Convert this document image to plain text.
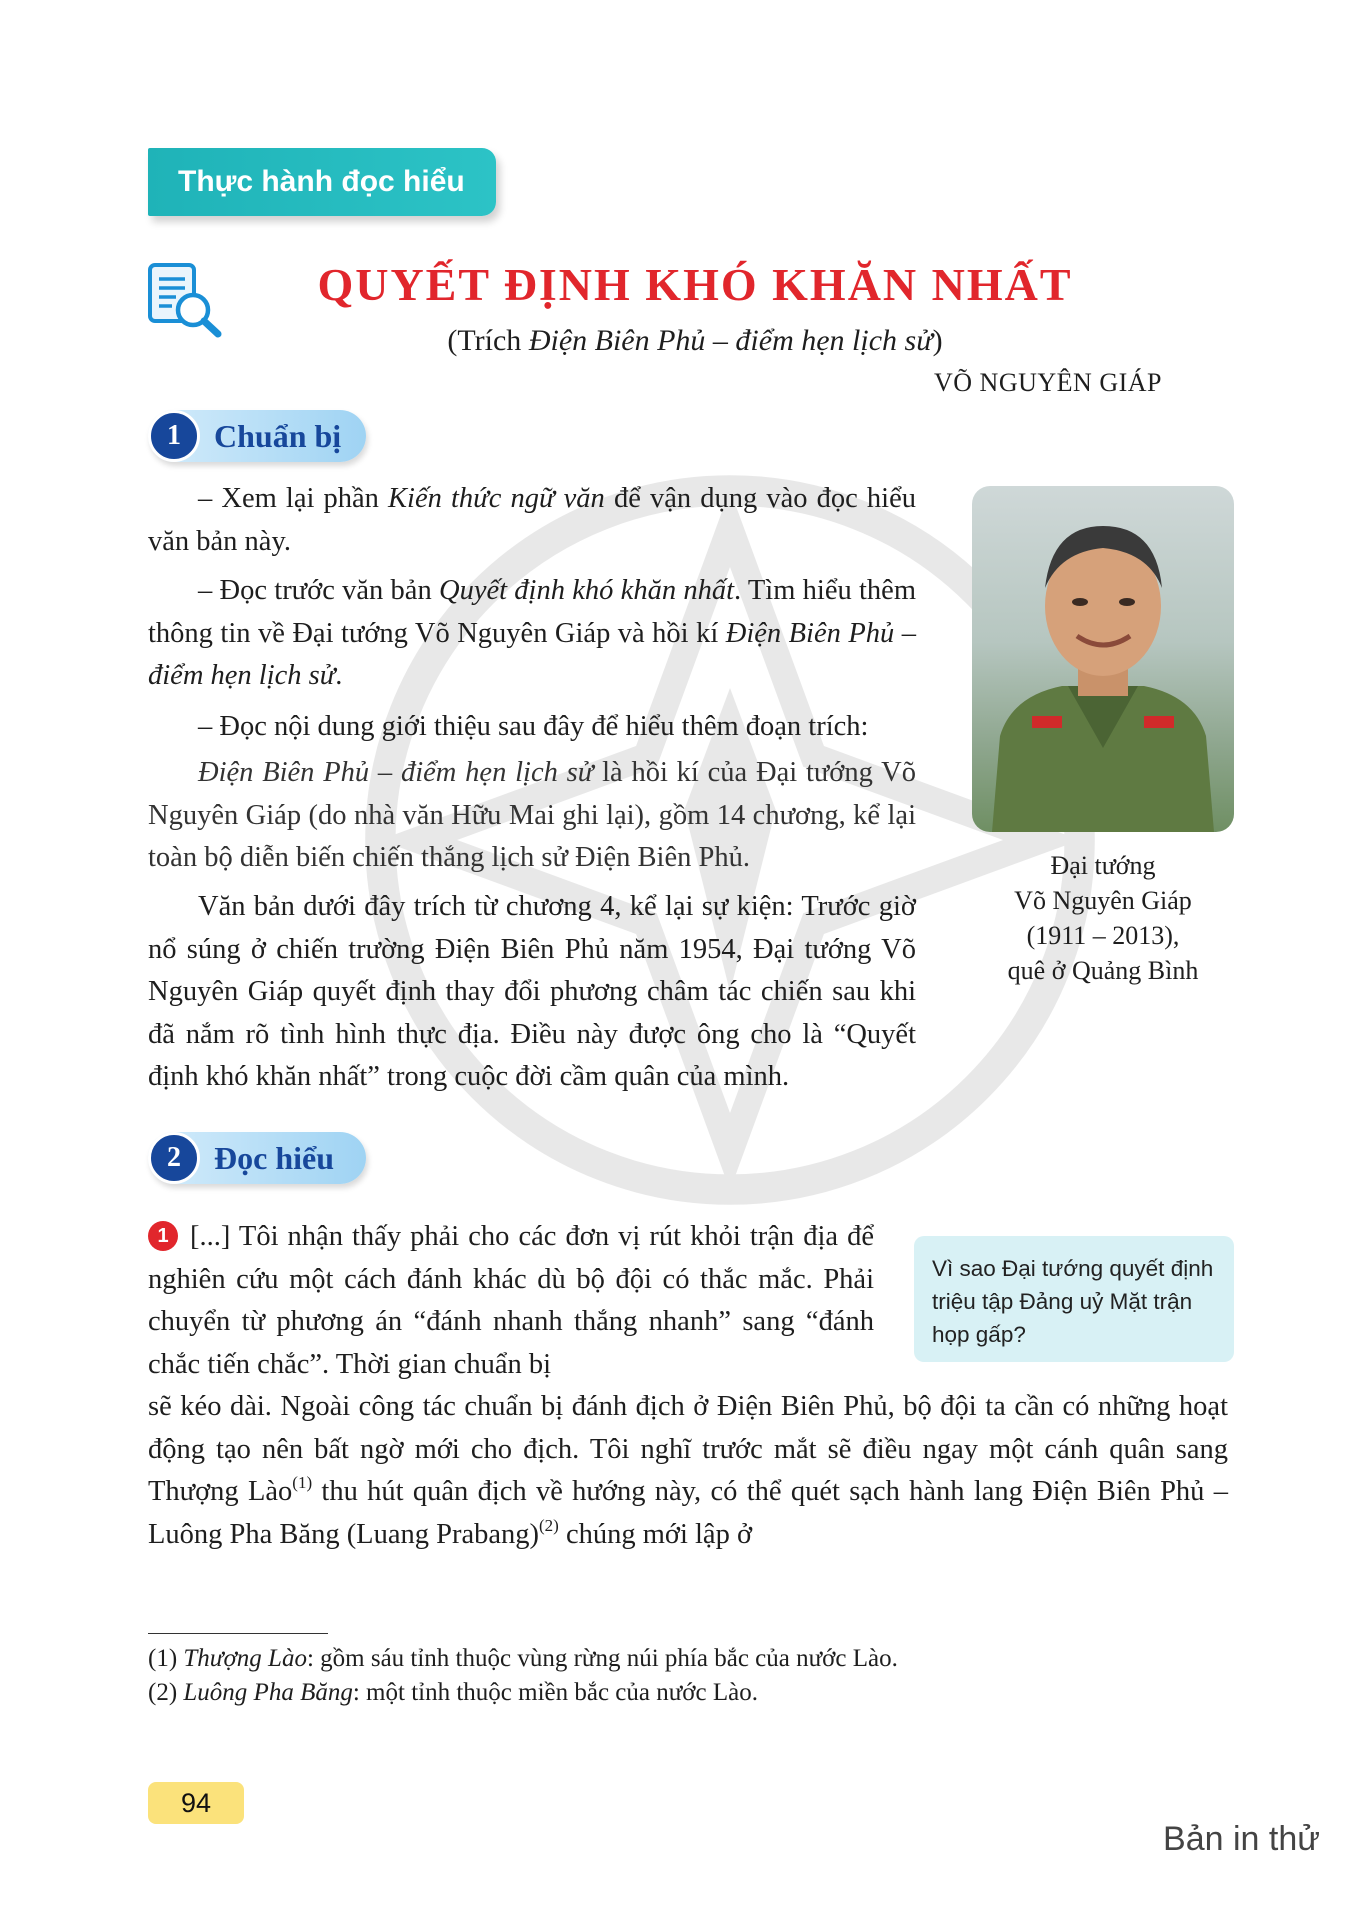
Thực hành đọc hiểu
QUYẾT ĐỊNH KHÓ KHĂN NHẤT
(Trích Điện Biên Phủ – điểm hẹn lịch sử)
VÕ NGUYÊN GIÁP
1	Chuẩn bị

– Xem lại phần Kiến thức ngữ văn để vận dụng vào đọc hiểu văn bản này.

– Đọc trước văn bản Quyết định khó khăn nhất. Tìm hiểu thêm thông tin về Đại tướng Võ Nguyên Giáp và hồi kí Điện Biên Phủ – điểm hẹn lịch sử.

– Đọc nội dung giới thiệu sau đây để hiểu thêm đoạn trích:

Điện Biên Phủ – điểm hẹn lịch sử là hồi kí của Đại tướng Võ Nguyên Giáp (do nhà văn Hữu Mai ghi lại), gồm 14 chương, kể lại toàn bộ diễn biến chiến thắng lịch sử Điện Biên Phủ.

Văn bản dưới đây trích từ chương 4, kể lại sự kiện: Trước giờ nổ súng ở chiến trường Điện Biên Phủ năm 1954, Đại tướng Võ Nguyên Giáp quyết định thay đổi phương châm tác chiến sau khi đã nắm rõ tình hình thực địa. Điều này được ông cho là “Quyết định khó khăn nhất” trong cuộc đời cầm quân của mình.

Đại tướng
Võ Nguyên Giáp
(1911 – 2013),
quê ở Quảng Bình
2	Đọc hiểu
Vì sao Đại tướng quyết định triệu tập Đảng uỷ Mặt trận họp gấp?

1 [...] Tôi nhận thấy phải cho các đơn vị rút khỏi trận địa để nghiên cứu một cách đánh khác dù bộ đội có thắc mắc. Phải chuyển từ phương án “đánh nhanh thắng nhanh” sang “đánh chắc tiến chắc”. Thời gian chuẩn bị

sẽ kéo dài. Ngoài công tác chuẩn bị đánh địch ở Điện Biên Phủ, bộ đội ta cần có những hoạt động tạo nên bất ngờ mới cho địch. Tôi nghĩ trước mắt sẽ điều ngay một cánh quân sang Thượng Lào$^{(1)}$ thu hút quân địch về hướng này, có thể quét sạch hành lang Điện Biên Phủ – Luông Pha Băng (Luang Prabang)$^{(2)}$ chúng mới lập ở

(1) Thượng Lào: gồm sáu tỉnh thuộc vùng rừng núi phía bắc của nước Lào.
(2) Luông Pha Băng: một tỉnh thuộc miền bắc của nước Lào.
94
Bản in thử
